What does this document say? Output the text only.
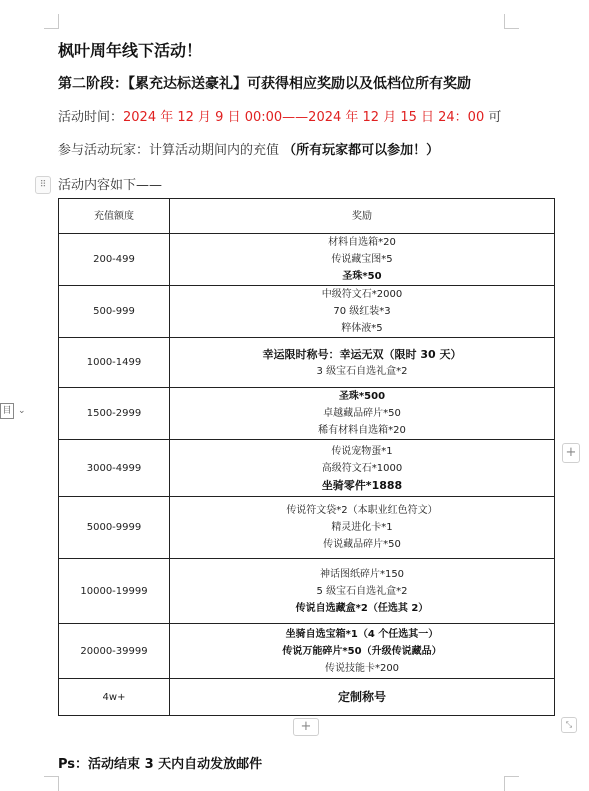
枫叶周年线下活动！
第二阶段：【累充达标送豪礼】可获得相应奖励以及低档位所有奖励
活动时间：2024 年 12 月 9 日 00:00——2024 年 12 月 15 日 24：00 可
参与活动玩家：计算活动期间内的充值 （所有玩家都可以参加！）
⠿ 活动内容如下——
目 ⌄
充值额度	奖励
200-499	材料自选箱*20
传说藏宝图*5
圣珠*50

500-999	中级符文石*2000
70 级红装*3
粹体液*5

1000-1499	幸运限时称号：幸运无双（限时 30 天）
3 级宝石自选礼盒*2

1500-2999	圣珠*500
卓越藏品碎片*50
稀有材料自选箱*20

3000-4999	传说宠物蛋*1
高级符文石*1000
坐骑零件*1888

5000-9999	传说符文袋*2（本职业红色符文）
精灵进化卡*1
传说藏品碎片*50

10000-19999	神话图纸碎片*150
5 级宝石自选礼盒*2
传说自选藏盒*2（任选其 2）

20000-39999	坐骑自选宝箱*1（4 个任选其一）
传说万能碎片*50（升级传说藏品）
传说技能卡*200

4w+	定制称号
+
+	⤡
Ps：活动结束 3 天内自动发放邮件
